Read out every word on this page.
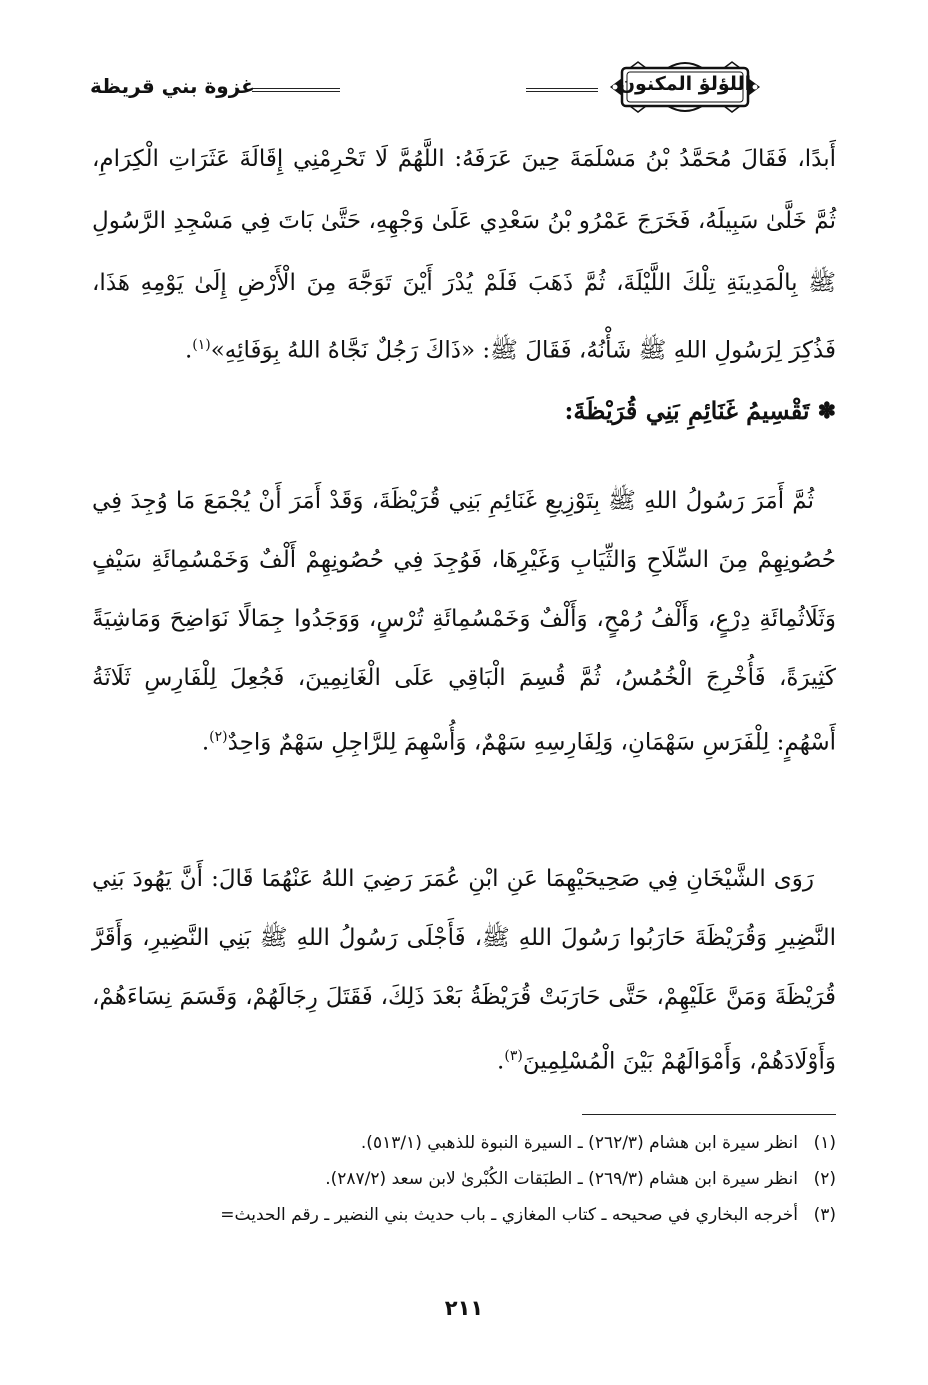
اللؤلؤ المكنون
غزوة بني قريظة
أَبدًا، فَقَالَ مُحَمَّدُ بْنُ مَسْلَمَةَ حِينَ عَرَفَهُ: اللَّهُمَّ لَا تَحْرِمْنِي إِقَالَةَ عَثَرَاتِ الْكِرَامِ، ثُمَّ خَلَّىٰ سَبِيلَهُ، فَخَرَجَ عَمْرُو بْنُ سَعْدِي عَلَىٰ وَجْهِهِ، حَتَّىٰ بَاتَ فِي مَسْجِدِ الرَّسُولِ ﷺ بِالْمَدِينَةِ تِلْكَ اللَّيْلَةَ، ثُمَّ ذَهَبَ فَلَمْ يُدْرَ أَيْنَ تَوَجَّهَ مِنَ الْأَرْضِ إِلَىٰ يَوْمِهِ هَذَا، فَذُكِرَ لِرَسُولِ اللهِ ﷺ شَأْنُهُ، فَقَالَ ﷺ: «ذَاكَ رَجُلٌ نَجَّاهُ اللهُ بِوَفَائِهِ»$^{(١)}$.
✽
تَقْسِيمُ غَنَائِمِ بَنِي قُرَيْظَةَ:
ثُمَّ أَمَرَ رَسُولُ اللهِ ﷺ بِتَوْزِيعِ غَنَائِمِ بَنِي قُرَيْظَةَ، وَقَدْ أَمَرَ أَنْ يُجْمَعَ مَا وُجِدَ فِي حُصُونِهِمْ مِنَ السِّلَاحِ وَالثِّيَابِ وَغَيْرِهَا، فَوُجِدَ فِي حُصُونِهِمْ أَلْفٌ وَخَمْسُمِائَةِ سَيْفٍ وَثَلَاثُمِائَةِ دِرْعٍ، وَأَلْفُ رُمْحٍ، وَأَلْفٌ وَخَمْسُمِائَةِ تُرْسٍ، وَوَجَدُوا جِمَالًا نَوَاضِحَ وَمَاشِيَةً كَثِيرَةً، فَأُخْرِجَ الْخُمُسُ، ثُمَّ قُسِمَ الْبَاقِي عَلَى الْغَانِمِينَ، فَجُعِلَ لِلْفَارِسِ ثَلَاثَةُ أَسْهُمٍ: لِلْفَرَسِ سَهْمَانِ، وَلِفَارِسِهِ سَهْمٌ، وَأُسْهِمَ لِلرَّاجِلِ سَهْمٌ وَاحِدٌ$^{(٢)}$.
رَوَى الشَّيْخَانِ فِي صَحِيحَيْهِمَا عَنِ ابْنِ عُمَرَ رَضِيَ اللهُ عَنْهُمَا قَالَ: أَنَّ يَهُودَ بَنِي النَّضِيرِ وَقُرَيْظَةَ حَارَبُوا رَسُولَ اللهِ ﷺ، فَأَجْلَى رَسُولُ اللهِ ﷺ بَنِي النَّضِيرِ، وَأَقَرَّ قُرَيْظَةَ وَمَنَّ عَلَيْهِمْ، حَتَّى حَارَبَتْ قُرَيْظَةُ بَعْدَ ذَلِكَ، فَقَتَلَ رِجَالَهُمْ، وَقَسَمَ نِسَاءَهُمْ، وَأَوْلَادَهُمْ، وَأَمْوَالَهُمْ بَيْنَ الْمُسْلِمِينَ$^{(٣)}$.
(١)انظر سيرة ابن هشام (٢٦٢/٣) ـ السيرة النبوة للذهبي (٥١٣/١).
(٢)انظر سيرة ابن هشام (٢٦٩/٣) ـ الطبَقات الكُبْرىٰ لابن سعد (٢٨٧/٢).
(٣)أخرجه البخاري في صحيحه ـ كتاب المغازي ـ باب حديث بني النضير ـ رقم الحديث=
٢١١
